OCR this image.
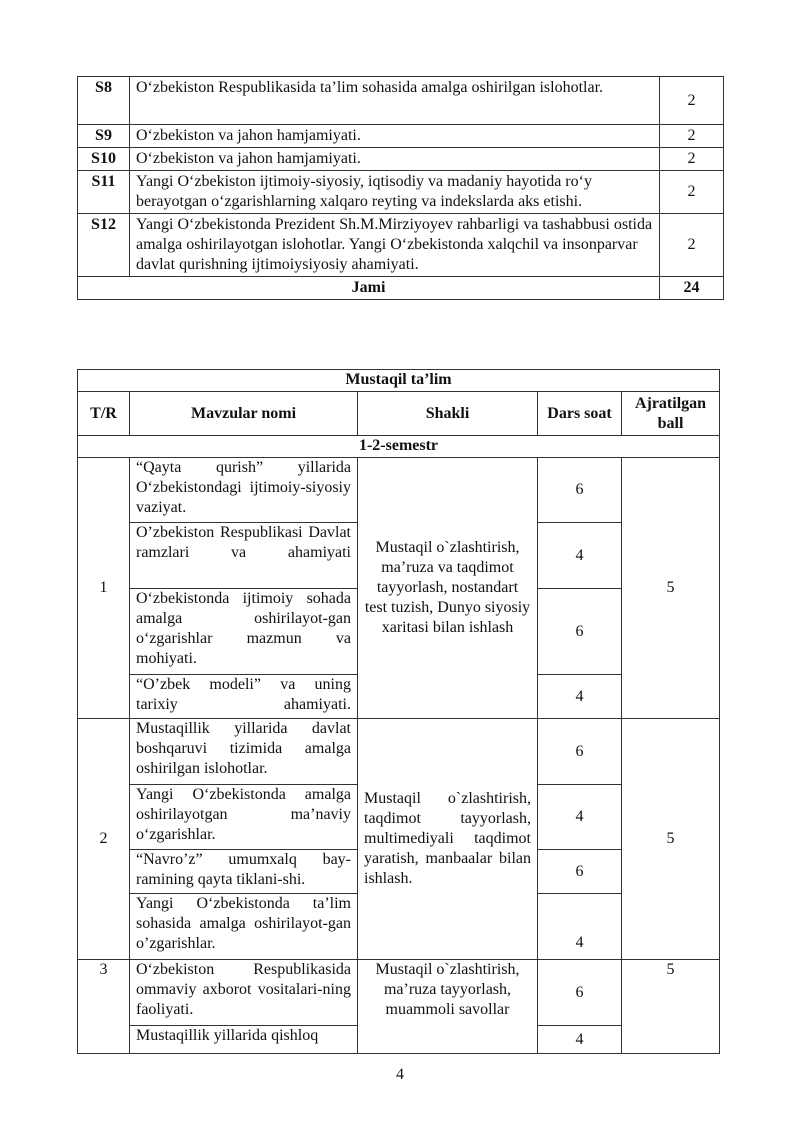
S8	O‘zbekiston Respublikasida ta’lim sohasida amalga oshirilgan islohotlar.	2
S9	O‘zbekiston va jahon hamjamiyati.	2
S10	O‘zbekiston va jahon hamjamiyati.	2
S11	Yangi O‘zbekiston ijtimoiy-siyosiy, iqtisodiy va madaniy hayotida ro‘y berayotgan o‘zgarishlarning xalqaro reyting va indekslarda aks etishi.	2
S12	Yangi O‘zbekistonda Prezident Sh.M.Mirziyoyev rahbarligi va tashabbusi ostida amalga oshirilayotgan islohotlar. Yangi O‘zbekistonda xalqchil va insonparvar davlat qurishning ijtimoiysiyosiy ahamiyati.	2
Jami		24
Mustaqil ta’lim				
T/R	Mavzular nomi	Shakli	Dars soat	Ajratilgan ball
1-2-semestr				
1	“Qayta qurish” yillarida O‘zbekistondagi ijtimoiy-siyosiy vaziyat.	Mustaqil o`zlashtirish, ma’ruza va taqdimot tayyorlash, nostandart test tuzish, Dunyo siyosiy xaritasi bilan ishlash	6	5
	O’zbekiston Respublikasi Davlat ramzlari va ahamiyati		4	
	O‘zbekistonda ijtimoiy sohada amalga oshirilayot-gan o‘zgarishlar mazmun va mohiyati.		6	
	“O’zbek modeli” va uning tarixiy ahamiyati.		4	
2	Mustaqillik yillarida davlat boshqaruvi tizimida amalga oshirilgan islohotlar.	Mustaqil o`zlashtirish, taqdimot tayyorlash, multimediyali taqdimot yaratish, manbaalar bilan ishlash.	6	5
	Yangi O‘zbekistonda amalga oshirilayotgan ma’naviy o‘zgarishlar.		4	
	“Navro’z” umumxalq bay-ramining qayta tiklani-shi.		6	
	Yangi O‘zbekistonda ta’lim sohasida amalga oshirilayot-gan o’zgarishlar.		4	
3	O‘zbekiston Respublikasida ommaviy axborot vositalari-ning faoliyati.	Mustaqil o`zlashtirish, ma’ruza tayyorlash, muammoli savollar	6	5
	Mustaqillik yillarida qishloq		4	
4
